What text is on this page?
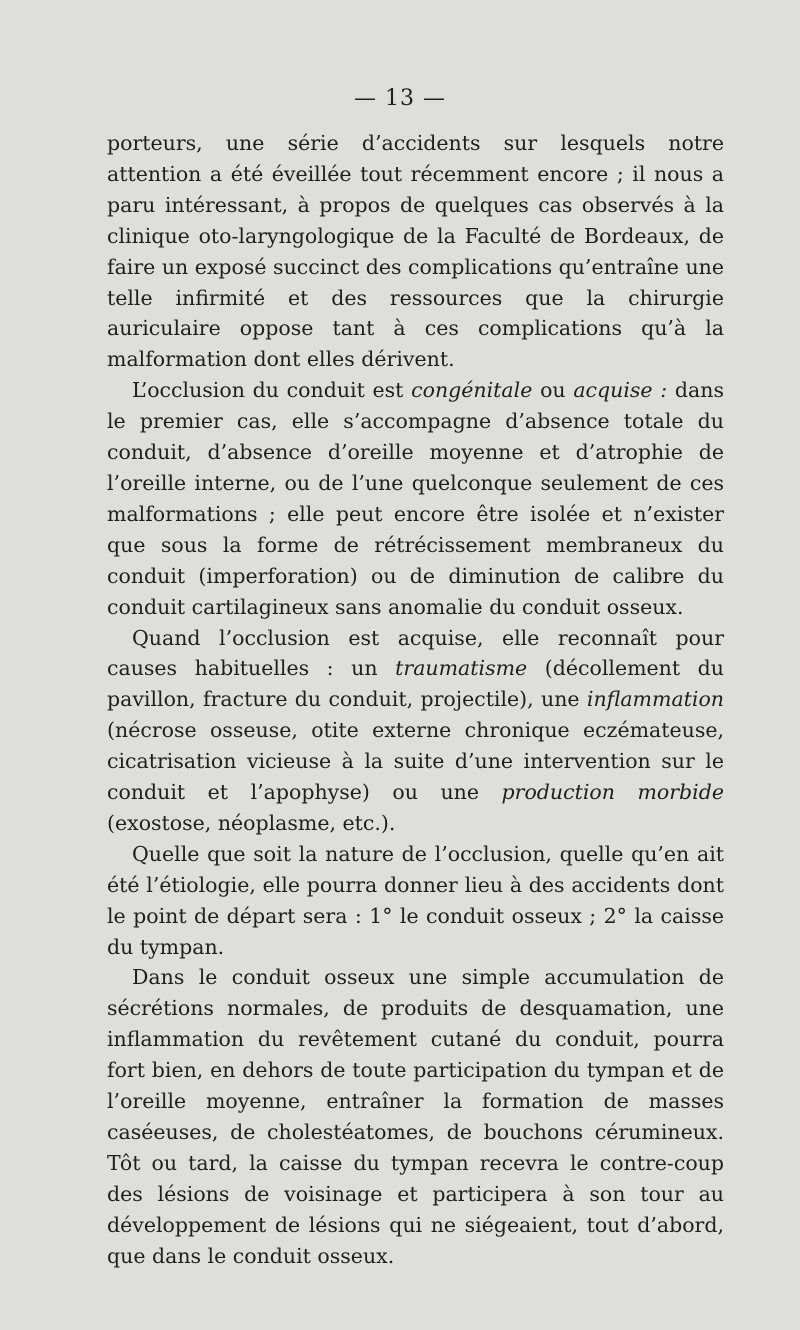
— 13 —

porteurs, une série d’accidents sur lesquels notre attention a été éveillée tout récemment encore ; il nous a paru intéressant, à propos de quelques cas observés à la clinique oto-laryngologique de la Faculté de Bordeaux, de faire un exposé succinct des complications qu’entraîne une telle infirmité et des ressources que la chirurgie auriculaire oppose tant à ces complications qu’à la malformation dont elles dérivent.

L’occlusion du conduit est congénitale ou acquise : dans le premier cas, elle s’accompagne d’absence totale du conduit, d’absence d’oreille moyenne et d’atrophie de l’oreille interne, ou de l’une quelconque seulement de ces malformations ; elle peut encore être isolée et n’exister que sous la forme de rétrécissement membraneux du conduit (imperforation) ou de diminution de calibre du conduit cartilagineux sans anomalie du conduit osseux.

Quand l’occlusion est acquise, elle reconnaît pour causes habituelles : un traumatisme (décollement du pavillon, fracture du conduit, projectile), une inflammation (nécrose osseuse, otite externe chronique eczémateuse, cicatrisation vicieuse à la suite d’une intervention sur le conduit et l’apophyse) ou une production morbide (exostose, néoplasme, etc.).

Quelle que soit la nature de l’occlusion, quelle qu’en ait été l’étiologie, elle pourra donner lieu à des accidents dont le point de départ sera : 1° le conduit osseux ; 2° la caisse du tympan.

Dans le conduit osseux une simple accumulation de sécrétions normales, de produits de desquamation, une inflammation du revêtement cutané du conduit, pourra fort bien, en dehors de toute participation du tympan et de l’oreille moyenne, entraîner la formation de masses caséeuses, de cholestéatomes, de bouchons cérumineux. Tôt ou tard, la caisse du tympan recevra le contre-coup des lésions de voisinage et participera à son tour au développement de lésions qui ne siégeaient, tout d’abord, que dans le conduit osseux.
